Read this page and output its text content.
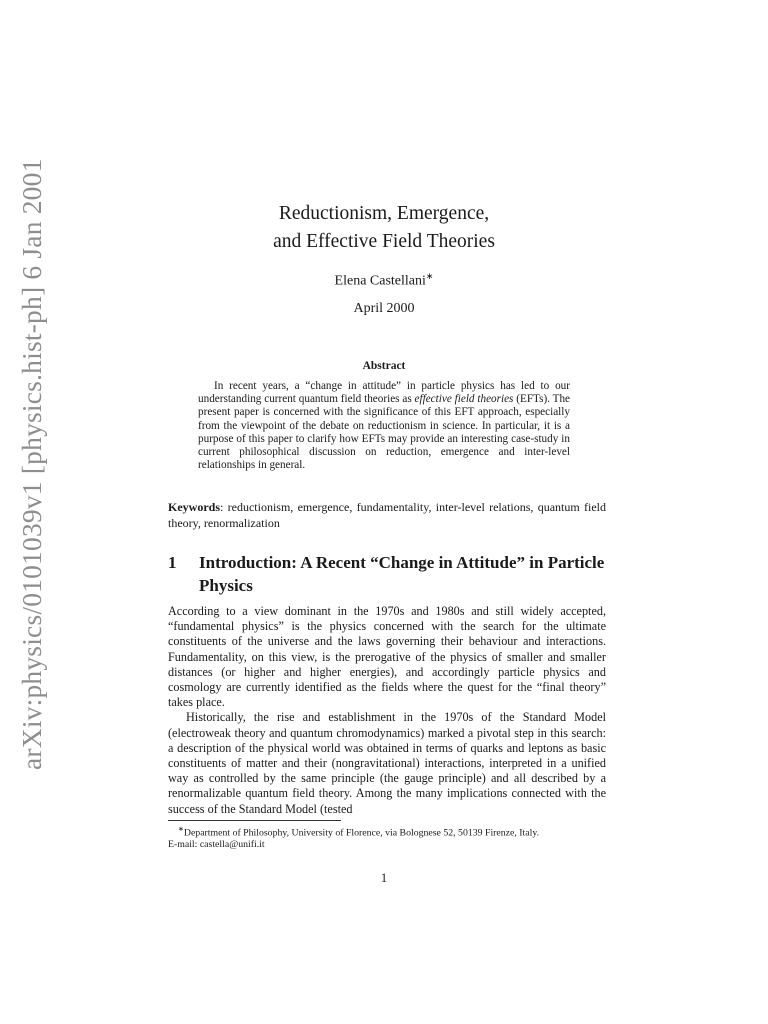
arXiv:physics/0101039v1 [physics.hist-ph] 6 Jan 2001	Reductionism, Emergence,
and Effective Field Theories
Elena Castellani∗
April 2000
Abstract
In recent years, a “change in attitude” in particle physics has led to our understanding current quantum field theories as effective field theories (EFTs). The present paper is concerned with the significance of this EFT approach, especially from the viewpoint of the debate on reductionism in science. In particular, it is a purpose of this paper to clarify how EFTs may provide an interesting case-study in current philosophical discussion on reduction, emergence and inter-level relationships in general.
Keywords: reductionism, emergence, fundamentality, inter-level relations, quantum field theory, renormalization
1 Introduction: A Recent “Change in Attitude” in Particle Physics

According to a view dominant in the 1970s and 1980s and still widely accepted, “fundamental physics” is the physics concerned with the search for the ultimate constituents of the universe and the laws governing their behaviour and interactions. Fundamentality, on this view, is the prerogative of the physics of smaller and smaller distances (or higher and higher energies), and accordingly particle physics and cosmology are currently identified as the fields where the quest for the “final theory” takes place.

Historically, the rise and establishment in the 1970s of the Standard Model (electroweak theory and quantum chromodynamics) marked a pivotal step in this search: a description of the physical world was obtained in terms of quarks and leptons as basic constituents of matter and their (nongravitational) interactions, interpreted in a unified way as controlled by the same principle (the gauge principle) and all described by a renormalizable quantum field theory. Among the many implications connected with the success of the Standard Model (tested

∗Department of Philosophy, University of Florence, via Bolognese 52, 50139 Firenze, Italy.
E-mail: castella@unifi.it
1
